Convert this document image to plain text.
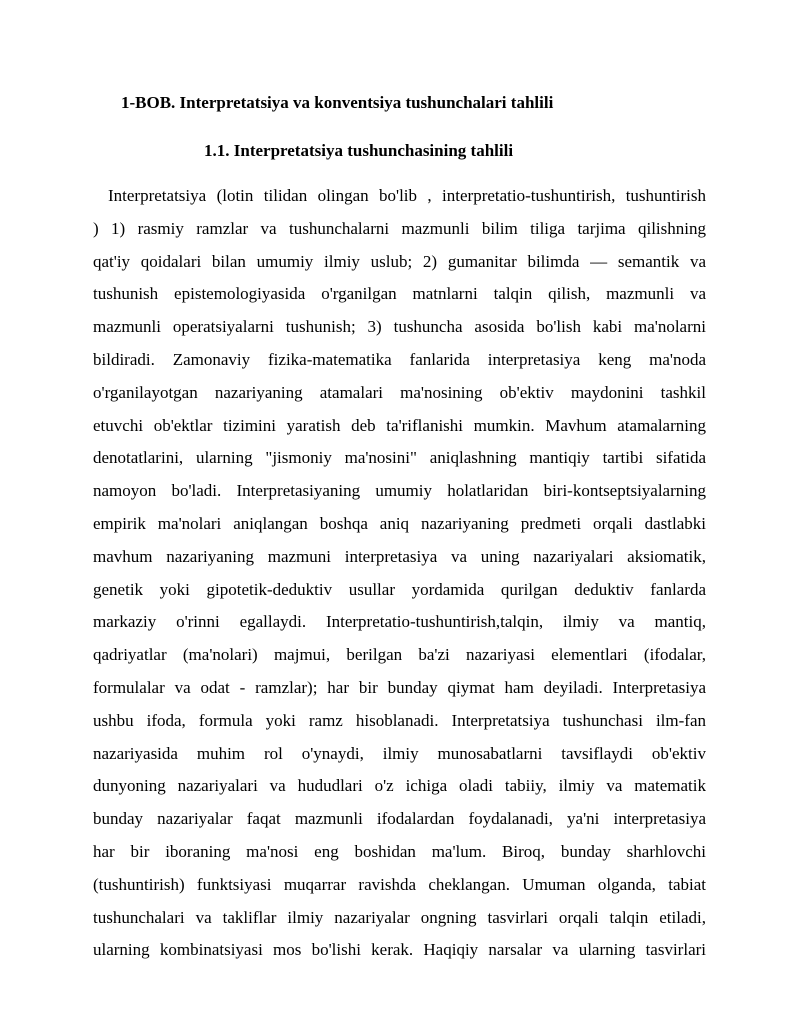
1-BOB. Interpretatsiya va konventsiya tushunchalari tahlili
1.1. Interpretatsiya tushunchasining tahlili
Interpretatsiya (lotin tilidan olingan bo'lib , interpretatio-tushuntirish, tushuntirish
) 1) rasmiy ramzlar va tushunchalarni mazmunli bilim tiliga tarjima qilishning
qat'iy qoidalari bilan umumiy ilmiy uslub; 2) gumanitar bilimda — semantik va
tushunish epistemologiyasida o'rganilgan matnlarni talqin qilish, mazmunli va
mazmunli operatsiyalarni tushunish; 3) tushuncha asosida bo'lish kabi ma'nolarni
bildiradi. Zamonaviy fizika-matematika fanlarida interpretasiya keng ma'noda
o'rganilayotgan nazariyaning atamalari ma'nosining ob'ektiv maydonini tashkil
etuvchi ob'ektlar tizimini yaratish deb ta'riflanishi mumkin. Mavhum atamalarning
denotatlarini, ularning "jismoniy ma'nosini" aniqlashning mantiqiy tartibi sifatida
namoyon bo'ladi. Interpretasiyaning umumiy holatlaridan biri-kontseptsiyalarning
empirik ma'nolari aniqlangan boshqa aniq nazariyaning predmeti orqali dastlabki
mavhum nazariyaning mazmuni interpretasiya va uning nazariyalari aksiomatik,
genetik yoki gipotetik-deduktiv usullar yordamida qurilgan deduktiv fanlarda
markaziy o'rinni egallaydi. Interpretatio-tushuntirish,talqin, ilmiy va mantiq,
qadriyatlar (ma'nolari) majmui, berilgan ba'zi nazariyasi elementlari (ifodalar,
formulalar va odat - ramzlar); har bir bunday qiymat ham deyiladi. Interpretasiya
ushbu ifoda, formula yoki ramz hisoblanadi. Interpretatsiya tushunchasi ilm-fan
nazariyasida muhim rol o'ynaydi, ilmiy munosabatlarni tavsiflaydi ob'ektiv
dunyoning nazariyalari va hududlari o'z ichiga oladi tabiiy, ilmiy va matematik
bunday nazariyalar faqat mazmunli ifodalardan foydalanadi, ya'ni interpretasiya
har bir iboraning ma'nosi eng boshidan ma'lum. Biroq, bunday sharhlovchi
(tushuntirish) funktsiyasi muqarrar ravishda cheklangan. Umuman olganda, tabiat
tushunchalari va takliflar ilmiy nazariyalar ongning tasvirlari orqali talqin etiladi,
ularning kombinatsiyasi mos bo'lishi kerak. Haqiqiy narsalar va ularning tasvirlari
